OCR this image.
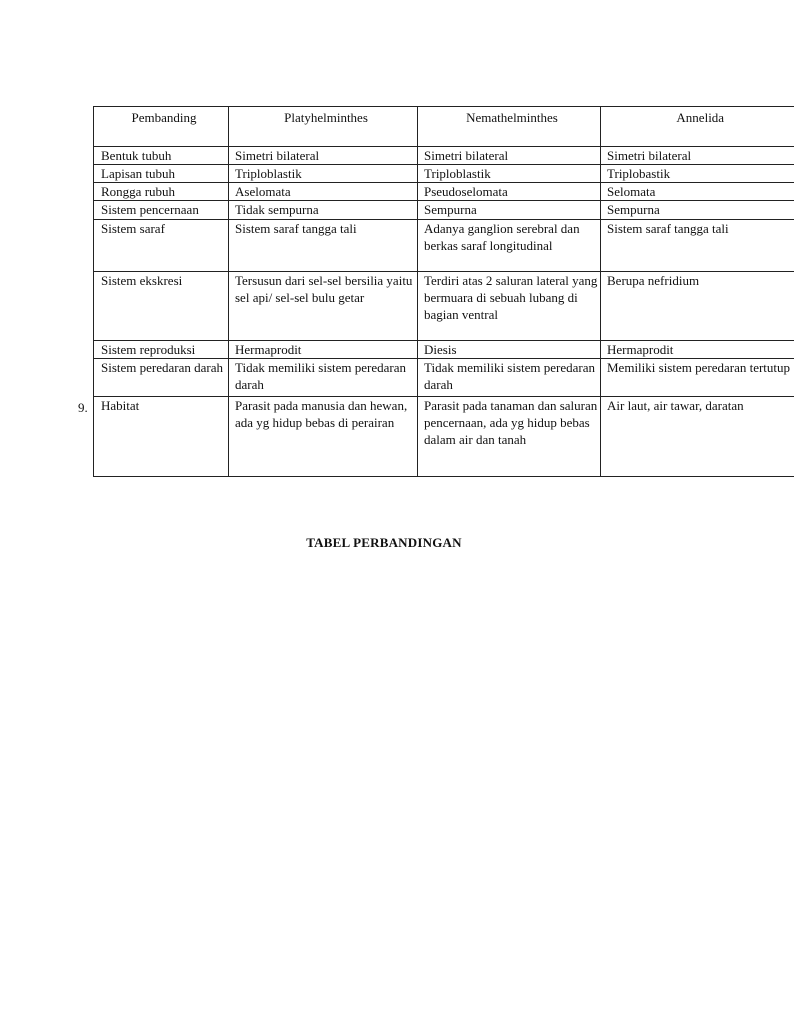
Pembanding	Platyhelminthes	Nemathelminthes	Annelida
Bentuk tubuh	Simetri bilateral	Simetri bilateral	Simetri bilateral
Lapisan tubuh	Triploblastik	Triploblastik	Triplobastik
Rongga rubuh	Aselomata	Pseudoselomata	Selomata
Sistem pencernaan	Tidak sempurna	Sempurna	Sempurna
Sistem saraf	Sistem saraf tangga tali	Adanya ganglion serebral dan berkas saraf longitudinal	Sistem saraf tangga tali
Sistem ekskresi	Tersusun dari sel-sel bersilia yaitu sel api/ sel-sel bulu getar	Terdiri atas 2 saluran lateral yang bermuara di sebuah lubang di bagian ventral	Berupa nefridium
Sistem reproduksi	Hermaprodit	Diesis	Hermaprodit
Sistem peredaran darah	Tidak memiliki sistem peredaran darah	Tidak memiliki sistem peredaran darah	Memiliki sistem peredaran tertutup
Habitat	Parasit pada manusia dan hewan, ada yg hidup bebas di perairan	Parasit pada tanaman dan saluran pencernaan, ada yg hidup bebas dalam air dan tanah	Air laut, air tawar, daratan
9.
TABEL PERBANDINGAN
